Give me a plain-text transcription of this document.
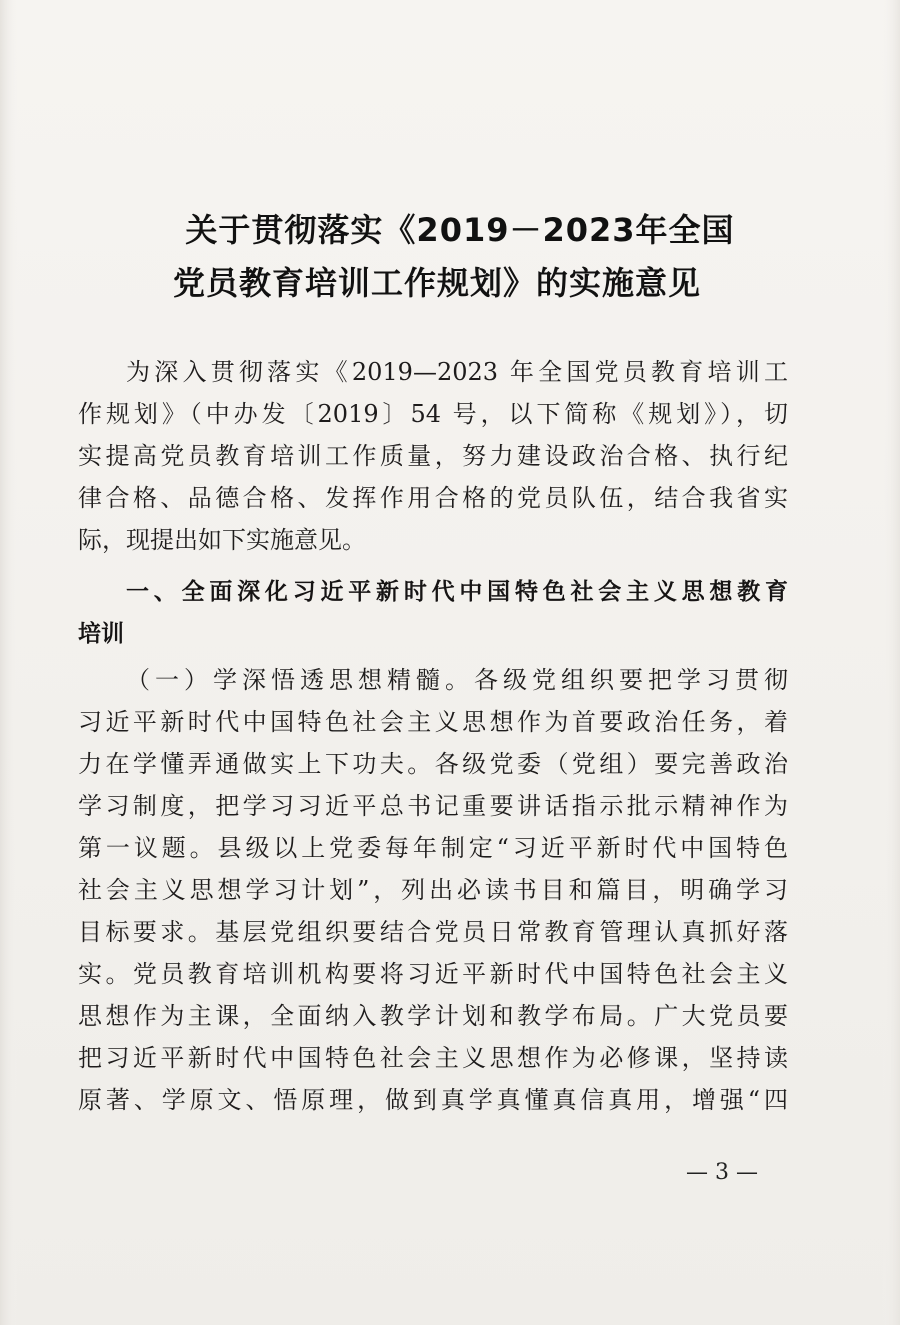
关于贯彻落实《2019－2023年全国
党员教育培训工作规划》的实施意见
为深入贯彻落实《2019—2023 年全国党员教育培训工
作规划》（中办发〔2019〕54 号，以下简称《规划》），切
实提高党员教育培训工作质量，努力建设政治合格、执行纪
律合格、品德合格、发挥作用合格的党员队伍，结合我省实
际，现提出如下实施意见。
一、全面深化习近平新时代中国特色社会主义思想教育
培训
（一）学深悟透思想精髓。各级党组织要把学习贯彻
习近平新时代中国特色社会主义思想作为首要政治任务，着
力在学懂弄通做实上下功夫。各级党委（党组）要完善政治
学习制度，把学习习近平总书记重要讲话指示批示精神作为
第一议题。县级以上党委每年制定“习近平新时代中国特色
社会主义思想学习计划”，列出必读书目和篇目，明确学习
目标要求。基层党组织要结合党员日常教育管理认真抓好落
实。党员教育培训机构要将习近平新时代中国特色社会主义
思想作为主课，全面纳入教学计划和教学布局。广大党员要
把习近平新时代中国特色社会主义思想作为必修课，坚持读
原著、学原文、悟原理，做到真学真懂真信真用，增强“四
— 3 —
